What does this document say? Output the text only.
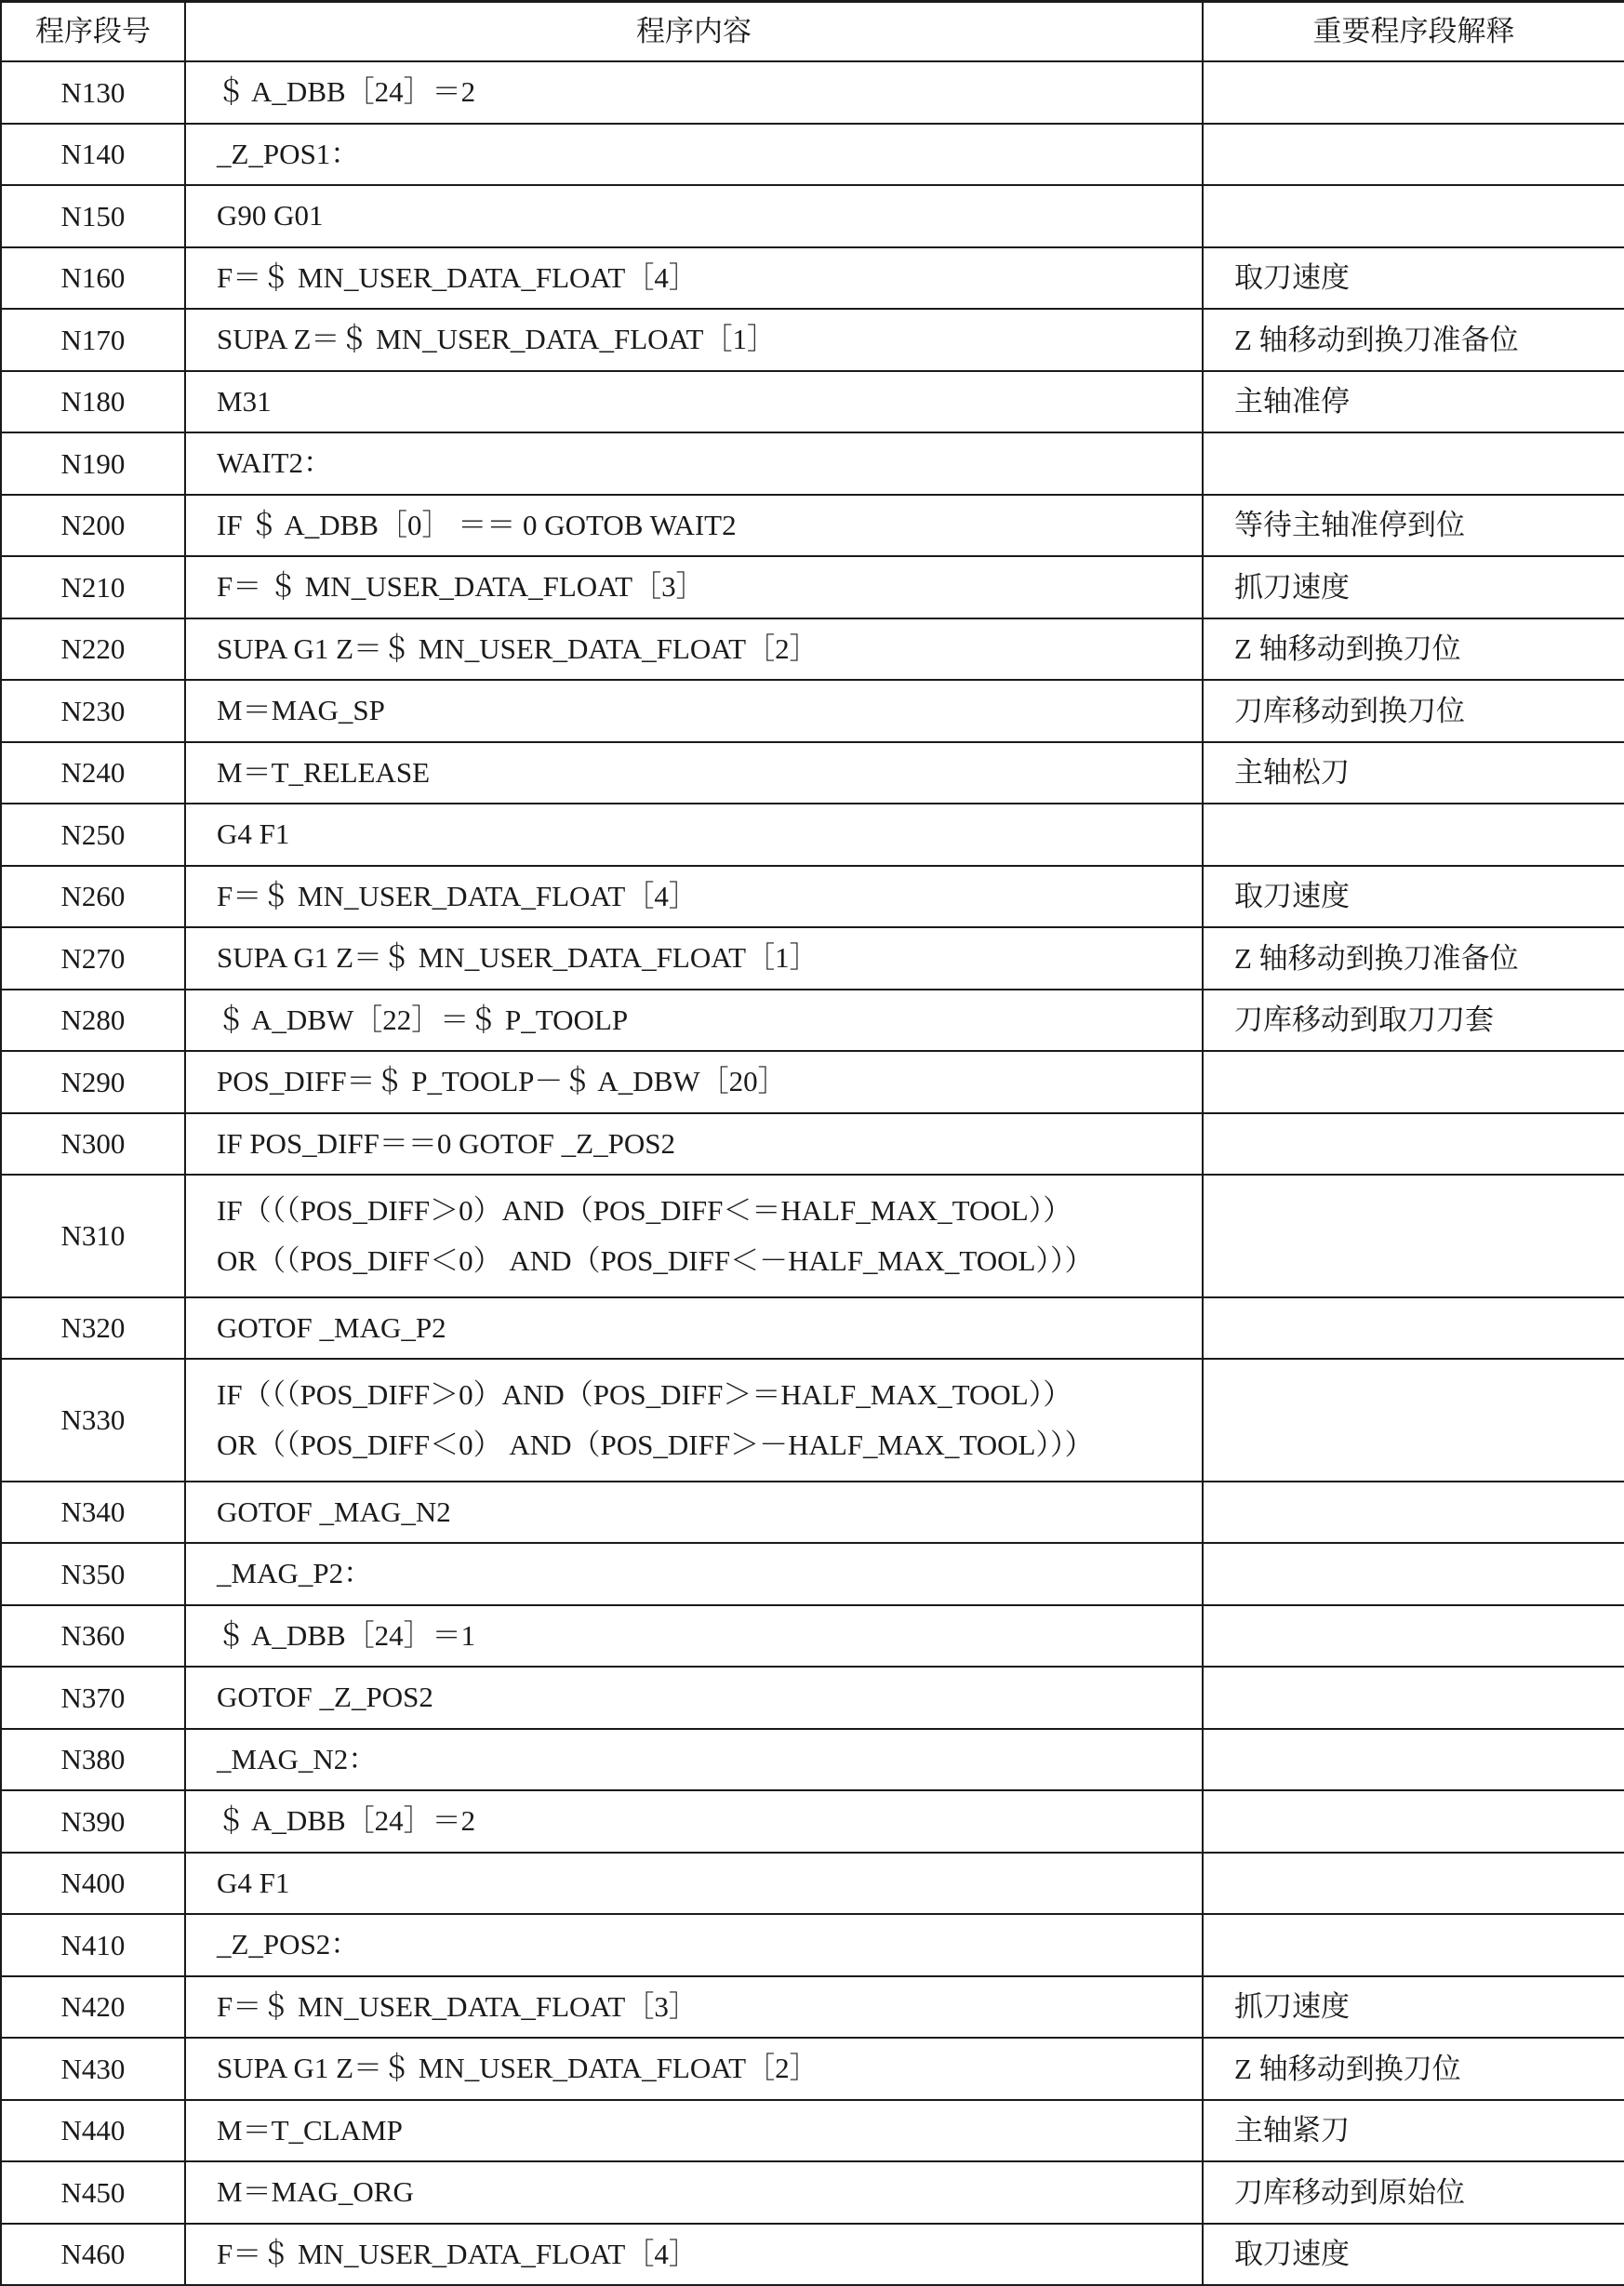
程序段号	程序内容	重要程序段解释
N130	＄ A_DBB［24］＝2	

N140	_Z_POS1：	

N150	G90 G01	

N160	F＝＄ MN_USER_DATA_FLOAT［4］	取刀速度
N170	SUPA Z＝＄ MN_USER_DATA_FLOAT［1］	Z 轴移动到换刀准备位
N180	M31	主轴准停
N190	WAIT2：	

N200	IF ＄ A_DBB［0］ ＝＝ 0 GOTOB WAIT2	等待主轴准停到位
N210	F＝ ＄ MN_USER_DATA_FLOAT［3］	抓刀速度
N220	SUPA G1 Z＝＄ MN_USER_DATA_FLOAT［2］	Z 轴移动到换刀位
N230	M＝MAG_SP	刀库移动到换刀位
N240	M＝T_RELEASE	主轴松刀
N250	G4 F1	

N260	F＝＄ MN_USER_DATA_FLOAT［4］	取刀速度
N270	SUPA G1 Z＝＄ MN_USER_DATA_FLOAT［1］	Z 轴移动到换刀准备位
N280	＄ A_DBW［22］＝＄ P_TOOLP	刀库移动到取刀刀套
N290	POS_DIFF＝＄ P_TOOLP－＄ A_DBW［20］	

N300	IF POS_DIFF＝＝0 GOTOF _Z_POS2	

N310	IF（（（POS_DIFF＞0）AND（POS_DIFF＜＝HALF_MAX_TOOL））
OR（（POS_DIFF＜0） AND（POS_DIFF＜－HALF_MAX_TOOL）））	

N320	GOTOF _MAG_P2	

N330	IF（（（POS_DIFF＞0）AND（POS_DIFF＞＝HALF_MAX_TOOL））
OR（（POS_DIFF＜0） AND（POS_DIFF＞－HALF_MAX_TOOL）））	

N340	GOTOF _MAG_N2	

N350	_MAG_P2：	

N360	＄ A_DBB［24］＝1	

N370	GOTOF _Z_POS2	

N380	_MAG_N2：	

N390	＄ A_DBB［24］＝2	

N400	G4 F1	

N410	_Z_POS2：	

N420	F＝＄ MN_USER_DATA_FLOAT［3］	抓刀速度
N430	SUPA G1 Z＝＄ MN_USER_DATA_FLOAT［2］	Z 轴移动到换刀位
N440	M＝T_CLAMP	主轴紧刀
N450	M＝MAG_ORG	刀库移动到原始位
N460	F＝＄ MN_USER_DATA_FLOAT［4］	取刀速度
